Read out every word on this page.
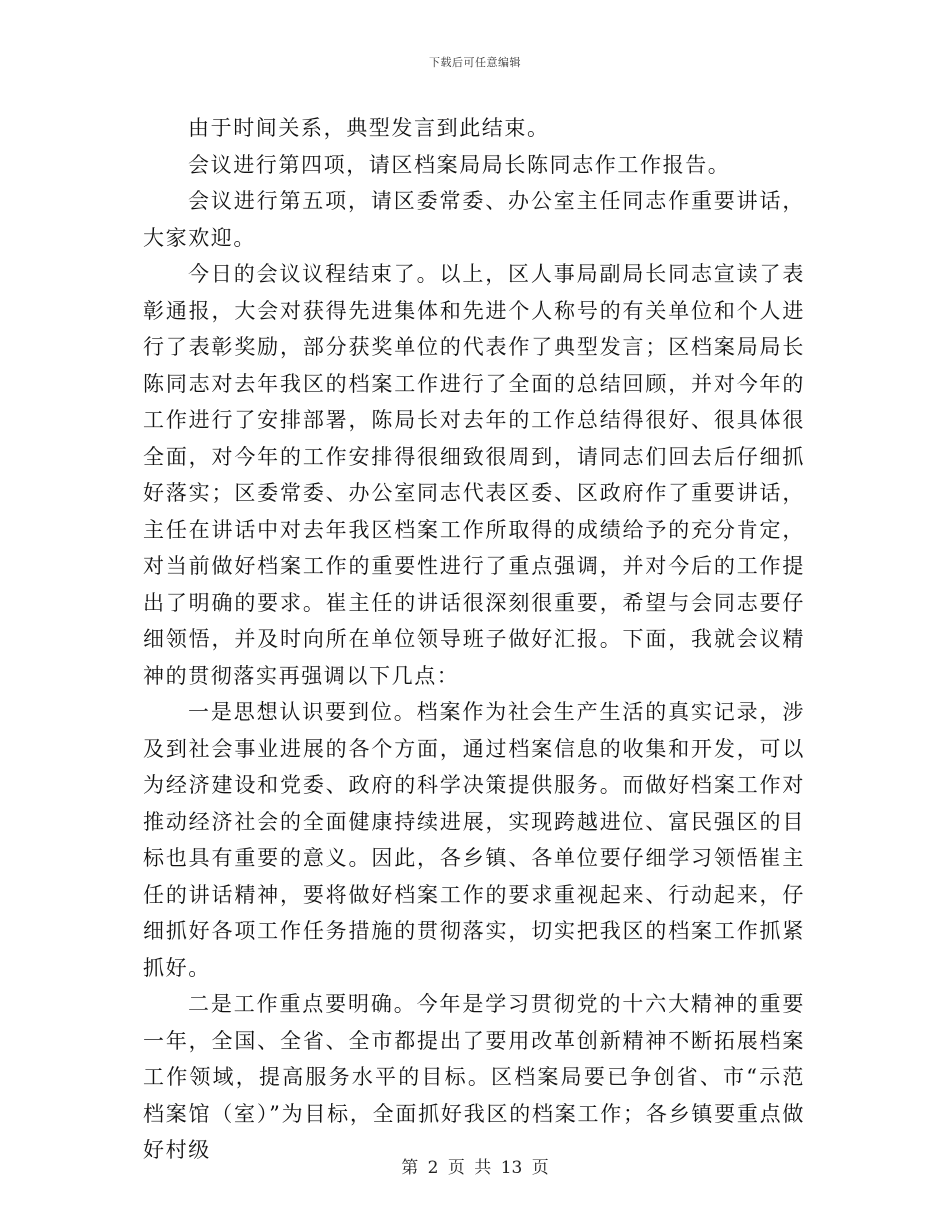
下载后可任意编辑

由于时间关系，典型发言到此结束。

会议进行第四项，请区档案局局长陈同志作工作报告。

会议进行第五项，请区委常委、办公室主任同志作重要讲话，大家欢迎。

今日的会议议程结束了。以上，区人事局副局长同志宣读了表彰通报，大会对获得先进集体和先进个人称号的有关单位和个人进行了表彰奖励，部分获奖单位的代表作了典型发言；区档案局局长陈同志对去年我区的档案工作进行了全面的总结回顾，并对今年的工作进行了安排部署，陈局长对去年的工作总结得很好、很具体很全面，对今年的工作安排得很细致很周到，请同志们回去后仔细抓好落实；区委常委、办公室同志代表区委、区政府作了重要讲话，主任在讲话中对去年我区档案工作所取得的成绩给予的充分肯定，对当前做好档案工作的重要性进行了重点强调，并对今后的工作提出了明确的要求。崔主任的讲话很深刻很重要，希望与会同志要仔细领悟，并及时向所在单位领导班子做好汇报。下面，我就会议精神的贯彻落实再强调以下几点：

一是思想认识要到位。档案作为社会生产生活的真实记录，涉及到社会事业进展的各个方面，通过档案信息的收集和开发，可以为经济建设和党委、政府的科学决策提供服务。而做好档案工作对推动经济社会的全面健康持续进展，实现跨越进位、富民强区的目标也具有重要的意义。因此，各乡镇、各单位要仔细学习领悟崔主任的讲话精神，要将做好档案工作的要求重视起来、行动起来，仔细抓好各项工作任务措施的贯彻落实，切实把我区的档案工作抓紧抓好。

二是工作重点要明确。今年是学习贯彻党的十六大精神的重要一年，全国、全省、全市都提出了要用改革创新精神不断拓展档案工作领域，提高服务水平的目标。区档案局要已争创省、市“示范档案馆（室）”为目标，全面抓好我区的档案工作；各乡镇要重点做好村级

第 2 页 共 13 页
